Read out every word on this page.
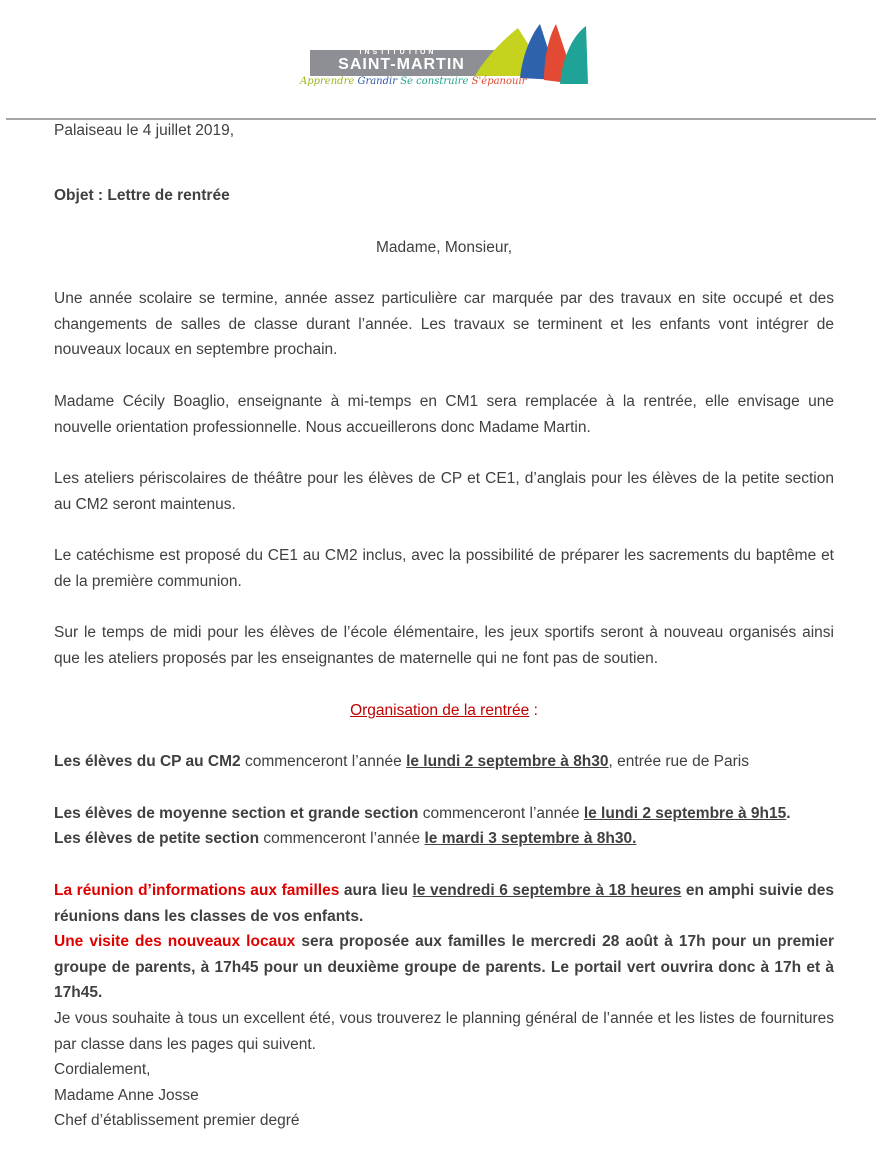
INSTITUTION
SAINT-MARTIN
Apprendre Grandir Se construire S'épanouir
Palaiseau le 4 juillet 2019,
Objet : Lettre de rentrée
Madame, Monsieur,
Une année scolaire se termine, année assez particulière car marquée par des travaux en site occupé et des changements de salles de classe durant l’année. Les travaux se terminent et les enfants vont intégrer de nouveaux locaux en septembre prochain.
Madame Cécily Boaglio, enseignante à mi-temps en CM1 sera remplacée à la rentrée, elle envisage une nouvelle orientation professionnelle. Nous accueillerons donc Madame Martin.
Les ateliers périscolaires de théâtre pour les élèves de CP et CE1, d’anglais pour les élèves de la petite section au CM2 seront maintenus.
Le catéchisme est proposé du CE1 au CM2 inclus, avec la possibilité de préparer les sacrements du baptême et de la première communion.
Sur le temps de midi pour les élèves de l’école élémentaire, les jeux sportifs seront à nouveau organisés ainsi que les ateliers proposés par les enseignantes de maternelle qui ne font pas de soutien.
Organisation de la rentrée :
Les élèves du CP au CM2 commenceront l’année le lundi 2 septembre à 8h30, entrée rue de Paris
Les élèves de moyenne section et grande section commenceront l’année le lundi 2 septembre à 9h15.
Les élèves de petite section commenceront l’année le mardi 3 septembre à 8h30.
La réunion d’informations aux familles aura lieu le vendredi 6 septembre à 18 heures en amphi suivie des réunions dans les classes de vos enfants.
Une visite des nouveaux locaux sera proposée aux familles le mercredi 28 août à 17h pour un premier groupe de parents, à 17h45 pour un deuxième groupe de parents. Le portail vert ouvrira donc à 17h et à 17h45.
Je vous souhaite à tous un excellent été, vous trouverez le planning général de l’année et les listes de fournitures par classe dans les pages qui suivent.
Cordialement,
Madame Anne Josse
Chef d’établissement premier degré
